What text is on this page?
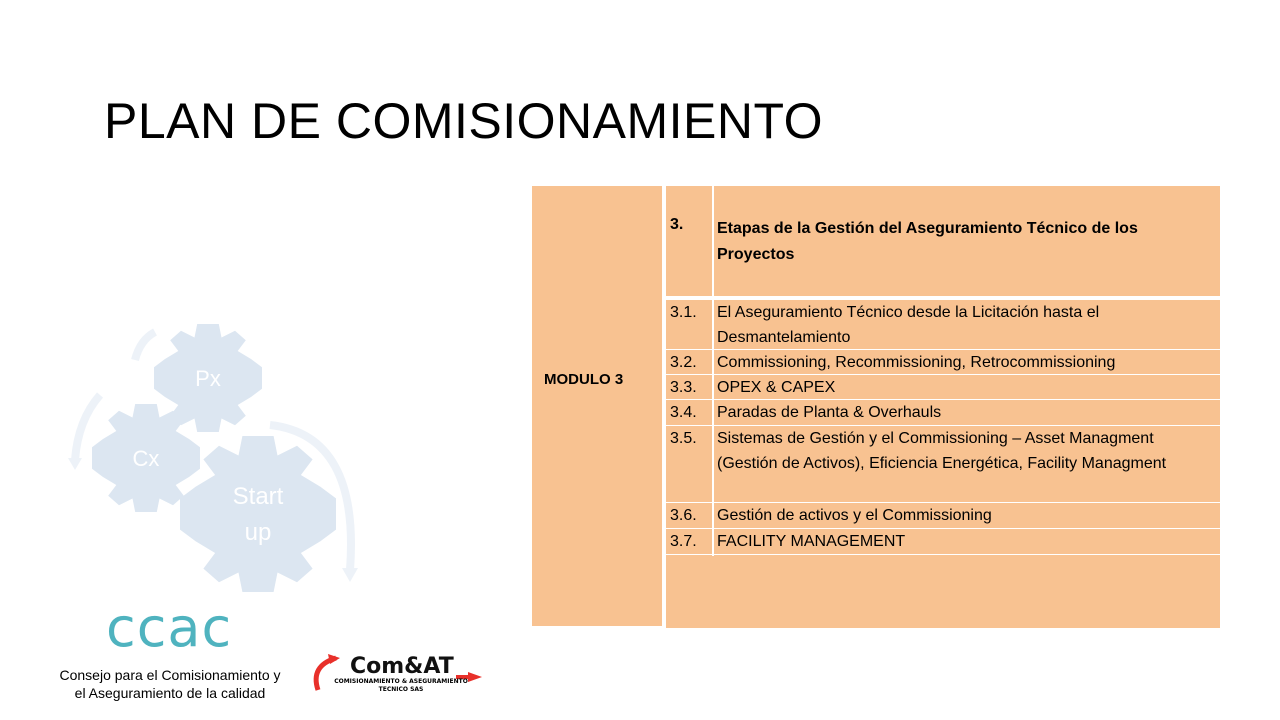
PLAN DE COMISIONAMIENTO
Px
Cx
Start
up
ccac
Consejo para el Comisionamiento y
el Aseguramiento de la calidad
Com&AT
COMISIONAMIENTO & ASEGURAMIENTO
TECNICO SAS
MODULO 3
3. Etapas de la Gestión del Aseguramiento Técnico de los Proyectos
3.1. El Aseguramiento Técnico desde la Licitación hasta el Desmantelamiento
3.2. Commissioning, Recommissioning, Retrocommissioning
3.3. OPEX & CAPEX
3.4. Paradas de Planta & Overhauls
3.5. Sistemas de Gestión y el Commissioning – Asset Managment (Gestión de Activos), Eficiencia Energética, Facility Managment
3.6. Gestión de activos y el Commissioning
3.7. FACILITY MANAGEMENT
